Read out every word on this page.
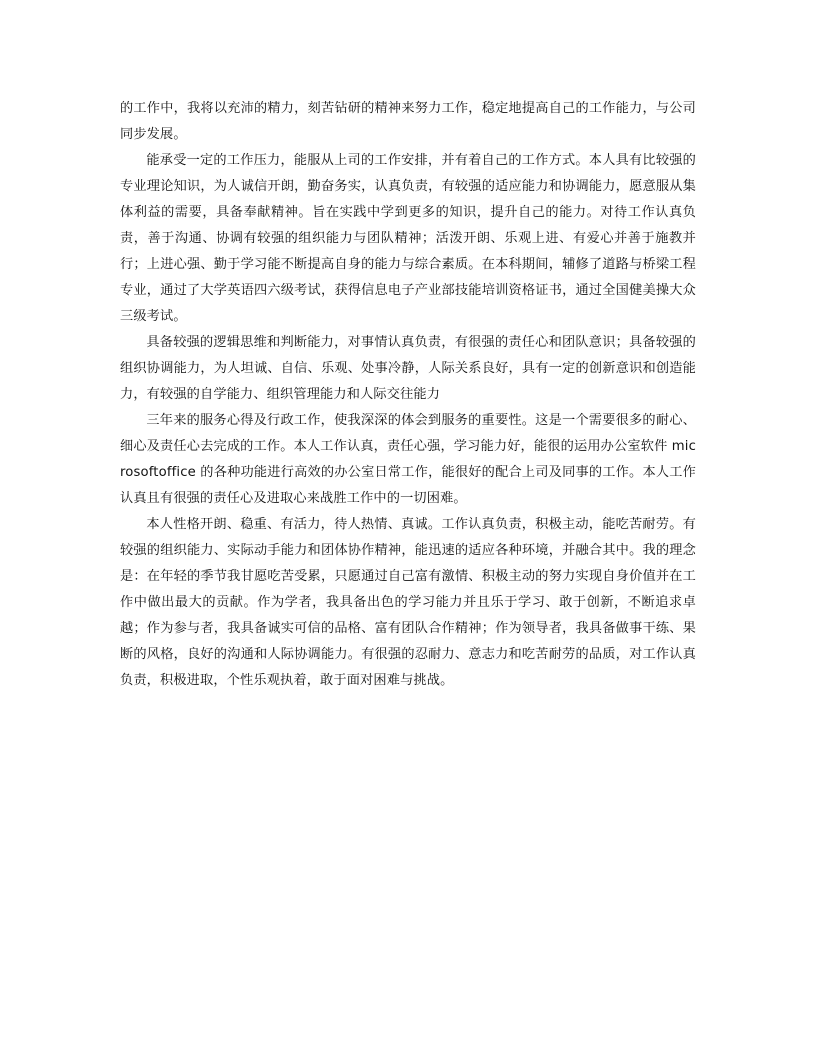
的工作中，我将以充沛的精力，刻苦钻研的精神来努力工作，稳定地提高自己的工作能力，与公司同步发展。

能承受一定的工作压力，能服从上司的工作安排，并有着自己的工作方式。本人具有比较强的专业理论知识，为人诚信开朗，勤奋务实，认真负责，有较强的适应能力和协调能力，愿意服从集体利益的需要，具备奉献精神。旨在实践中学到更多的知识，提升自己的能力。对待工作认真负责，善于沟通、协调有较强的组织能力与团队精神；活泼开朗、乐观上进、有爱心并善于施教并行；上进心强、勤于学习能不断提高自身的能力与综合素质。在本科期间，辅修了道路与桥梁工程专业，通过了大学英语四六级考试，获得信息电子产业部技能培训资格证书，通过全国健美操大众三级考试。

具备较强的逻辑思维和判断能力，对事情认真负责，有很强的责任心和团队意识；具备较强的组织协调能力，为人坦诚、自信、乐观、处事冷静，人际关系良好，具有一定的创新意识和创造能力，有较强的自学能力、组织管理能力和人际交往能力

三年来的服务心得及行政工作，使我深深的体会到服务的重要性。这是一个需要很多的耐心、细心及责任心去完成的工作。本人工作认真，责任心强，学习能力好，能很的运用办公室软件 microsoftoffice 的各种功能进行高效的办公室日常工作，能很好的配合上司及同事的工作。本人工作认真且有很强的责任心及进取心来战胜工作中的一切困难。

本人性格开朗、稳重、有活力，待人热情、真诚。工作认真负责，积极主动，能吃苦耐劳。有较强的组织能力、实际动手能力和团体协作精神，能迅速的适应各种环境，并融合其中。我的理念是：在年轻的季节我甘愿吃苦受累，只愿通过自己富有激情、积极主动的努力实现自身价值并在工作中做出最大的贡献。作为学者，我具备出色的学习能力并且乐于学习、敢于创新，不断追求卓越；作为参与者，我具备诚实可信的品格、富有团队合作精神；作为领导者，我具备做事干练、果断的风格，良好的沟通和人际协调能力。有很强的忍耐力、意志力和吃苦耐劳的品质，对工作认真负责，积极进取，个性乐观执着，敢于面对困难与挑战。
